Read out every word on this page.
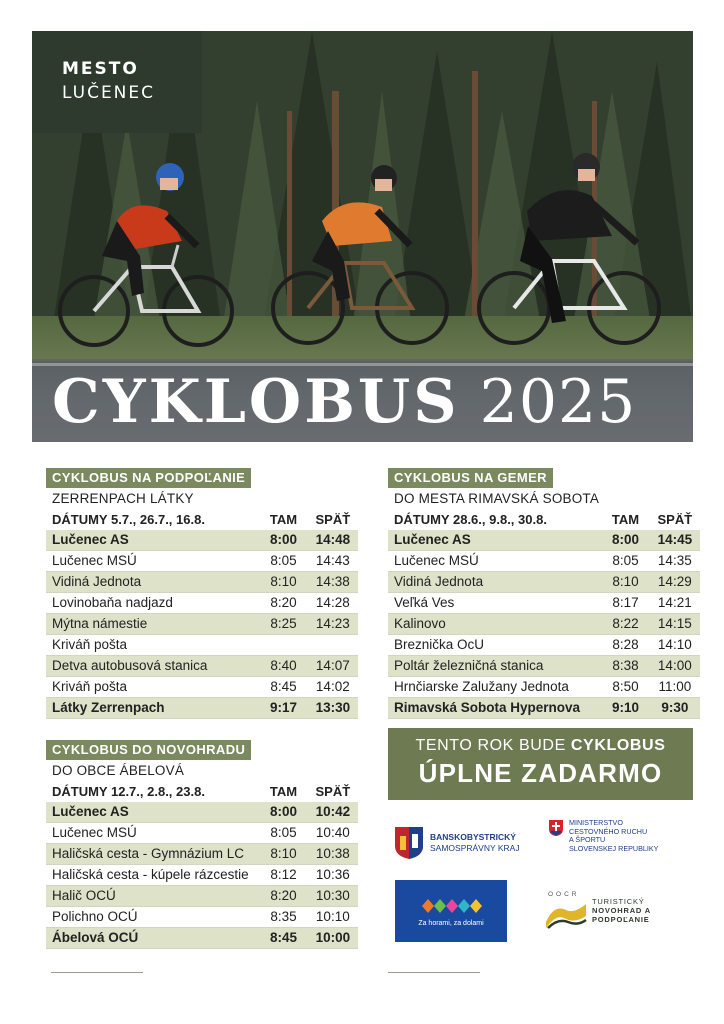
MESTO
LUČENEC
CYKLOBUS 2025
CYKLOBUS NA PODPOĽANIE
ZERRENPACH LÁTKY
DÁTUMY 5.7., 26.7., 16.8.	TAM	SPÄŤ
Lučenec AS	8:00	14:48
Lučenec MSÚ	8:05	14:43
Vidiná Jednota	8:10	14:38
Lovinobaňa nadjazd	8:20	14:28
Mýtna námestie	8:25	14:23
Kriváň pošta		
Detva autobusová stanica	8:40	14:07
Kriváň pošta	8:45	14:02
Látky Zerrenpach	9:17	13:30
CYKLOBUS NA GEMER
DO MESTA RIMAVSKÁ SOBOTA
DÁTUMY 28.6., 9.8., 30.8.	TAM	SPÄŤ
Lučenec AS	8:00	14:45
Lučenec MSÚ	8:05	14:35
Vidiná Jednota	8:10	14:29
Veľká Ves	8:17	14:21
Kalinovo	8:22	14:15
Breznička OcU	8:28	14:10
Poltár železničná stanica	8:38	14:00
Hrnčiarske Zalužany Jednota	8:50	11:00
Rimavská Sobota Hypernova	9:10	9:30
CYKLOBUS DO NOVOHRADU
DO OBCE ÁBELOVÁ
DÁTUMY 12.7., 2.8., 23.8.	TAM	SPÄŤ
Lučenec AS	8:00	10:42
Lučenec MSÚ	8:05	10:40
Haličská cesta - Gymnázium LC	8:10	10:38
Haličská cesta - kúpele rázcestie	8:12	10:36
Halič OCÚ	8:20	10:30
Polichno OCÚ	8:35	10:10
Ábelová OCÚ	8:45	10:00
TENTO ROK BUDE CYKLOBUS
ÚPLNE ZADARMO
BANSKOBYSTRICKÝ
SAMOSPRÁVNY KRAJ
MINISTERSTVO
CESTOVNÉHO RUCHU
A ŠPORTU
SLOVENSKEJ REPUBLIKY
Za horami, za dolami
OOCR
TURISTICKÝ
NOVOHRAD A
PODPOĽANIE
